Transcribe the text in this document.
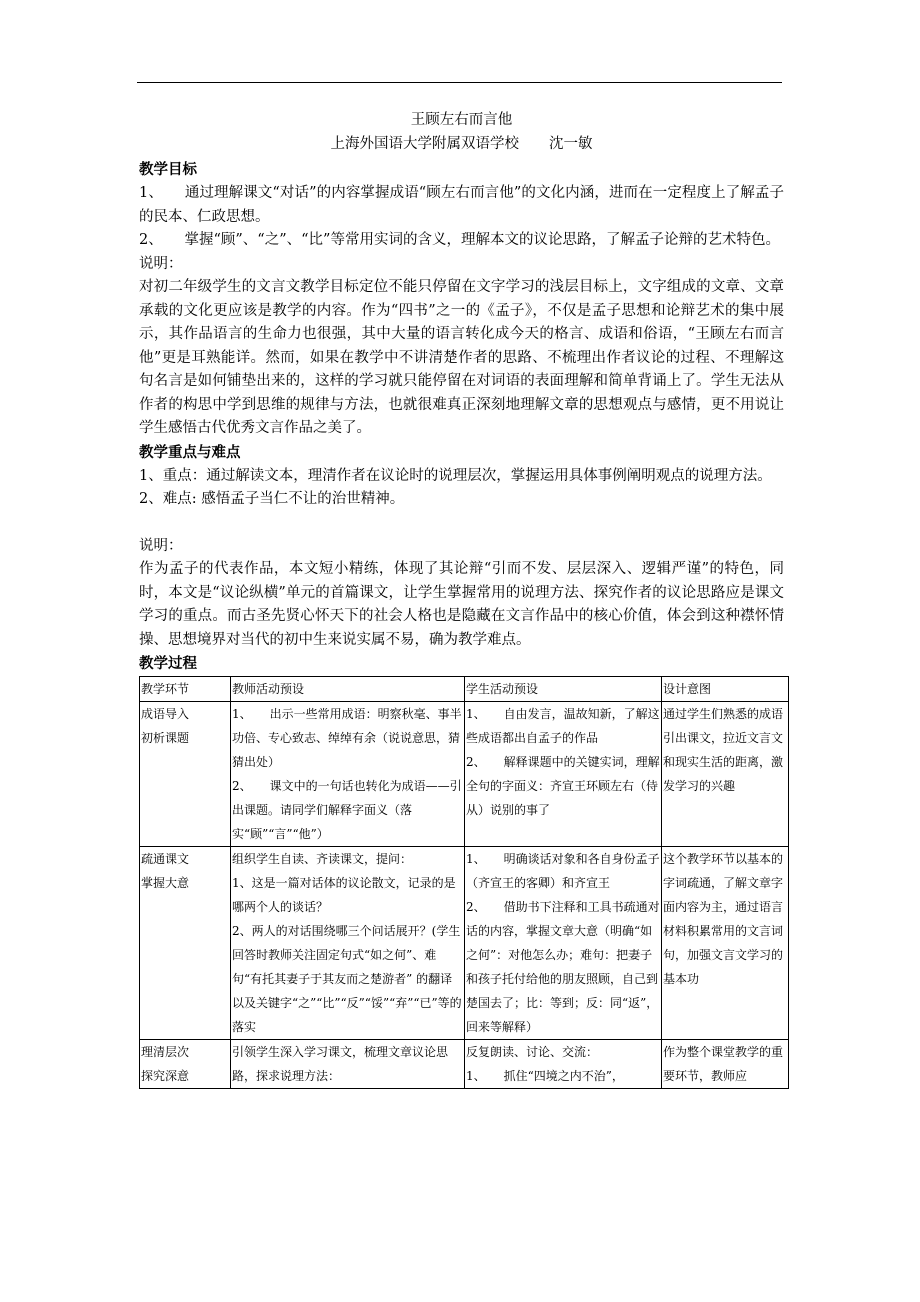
王顾左右而言他

上海外国语大学附属双语学校 沈一敏

教学目标

1、　　通过理解课文“对话”的内容掌握成语“顾左右而言他”的文化内涵，进而在一定程度上了解孟子的民本、仁政思想。

2、　　掌握“顾”、“之”、“比”等常用实词的含义，理解本文的议论思路，了解孟子论辩的艺术特色。

说明：

对初二年级学生的文言文教学目标定位不能只停留在文字学习的浅层目标上，文字组成的文章、文章承载的文化更应该是教学的内容。作为“四书”之一的《孟子》，不仅是孟子思想和论辩艺术的集中展示，其作品语言的生命力也很强，其中大量的语言转化成今天的格言、成语和俗语，“王顾左右而言他”更是耳熟能详。然而，如果在教学中不讲清楚作者的思路、不梳理出作者议论的过程、不理解这句名言是如何铺垫出来的，这样的学习就只能停留在对词语的表面理解和简单背诵上了。学生无法从作者的构思中学到思维的规律与方法，也就很难真正深刻地理解文章的思想观点与感情，更不用说让学生感悟古代优秀文言作品之美了。

教学重点与难点

1、重点：通过解读文本，理清作者在议论时的说理层次，掌握运用具体事例阐明观点的说理方法。

2、难点: 感悟孟子当仁不让的治世精神。

说明：

作为孟子的代表作品，本文短小精练，体现了其论辩“引而不发、层层深入、逻辑严谨”的特色，同时，本文是“议论纵横”单元的首篇课文，让学生掌握常用的说理方法、探究作者的议论思路应是课文学习的重点。而古圣先贤心怀天下的社会人格也是隐藏在文言作品中的核心价值，体会到这种襟怀情操、思想境界对当代的初中生来说实属不易，确为教学难点。

教学过程

教学环节	教师活动预设	学生活动预设	设计意图

成语导入
初析课题	1、　　出示一些常用成语：明察秋毫、事半功倍、专心致志、绰绰有余（说说意思，猜猜出处）
2、　　课文中的一句话也转化为成语——引出课题。请同学们解释字面义（落实“顾”“言”“他”）	1、　　自由发言，温故知新，了解这些成语都出自孟子的作品
2、　　解释课题中的关键实词，理解全句的字面义：齐宣王环顾左右（侍从）说别的事了	通过学生们熟悉的成语引出课文，拉近文言文和现实生活的距离，激发学习的兴趣

疏通课文
掌握大意	组织学生自读、齐读课文，提问：
1、这是一篇对话体的议论散文，记录的是哪两个人的谈话？
2、两人的对话围绕哪三个问话展开？(学生回答时教师关注固定句式“如之何”、难句“有托其妻子于其友而之楚游者” 的翻译以及关键字“之”“比”“反”“馁”“弃”“已”等的落实	1、　　明确谈话对象和各自身份孟子（齐宣王的客卿）和齐宣王
2、　　借助书下注释和工具书疏通对话的内容，掌握文章大意（明确“如之何”：对他怎么办；难句：把妻子和孩子托付给他的朋友照顾，自己到楚国去了；比：等到；反：同“返”，回来等解释）	这个教学环节以基本的字词疏通，了解文章字面内容为主，通过语言材料积累常用的文言词句，加强文言文学习的基本功

理清层次
探究深意	引领学生深入学习课文，梳理文章议论思路，探求说理方法：	反复朗读、讨论、交流：
1、　　抓住“四境之内不治”，	作为整个课堂教学的重要环节，教师应
